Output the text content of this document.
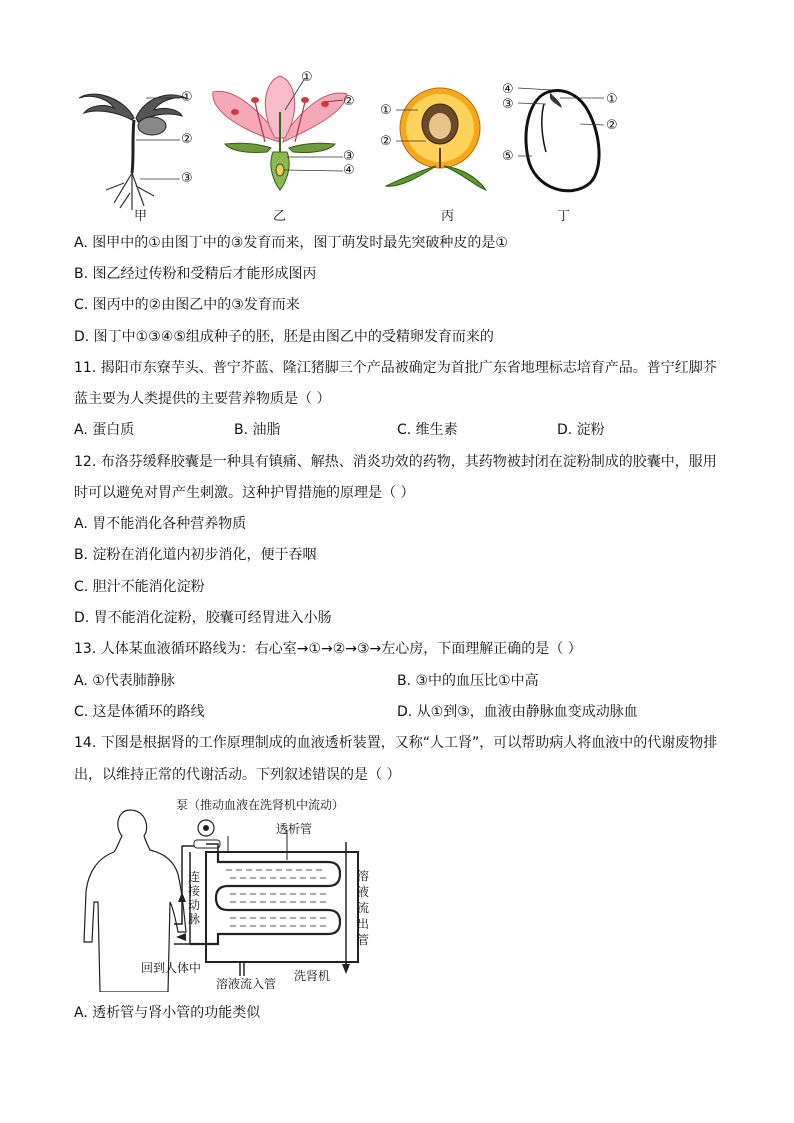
①
②
③
甲
①
②
③
④
乙
①
②
丙
④
③
⑤
①
②
丁
A. 图甲中的①由图丁中的③发育而来，图丁萌发时最先突破种皮的是①
B. 图乙经过传粉和受精后才能形成图丙
C. 图丙中的②由图乙中的③发育而来
D. 图丁中①③④⑤组成种子的胚，胚是由图乙中的受精卵发育而来的
11. 揭阳市东寮芋头、普宁芥蓝、隆江猪脚三个产品被确定为首批广东省地理标志培育产品。普宁红脚芥
蓝主要为人类提供的主要营养物质是（ ）
A. 蛋白质	B. 油脂	C. 维生素	D. 淀粉
12. 布洛芬缓释胶囊是一种具有镇痛、解热、消炎功效的药物，其药物被封闭在淀粉制成的胶囊中，服用
时可以避免对胃产生刺激。这种护胃措施的原理是（ ）
A. 胃不能消化各种营养物质
B. 淀粉在消化道内初步消化，便于吞咽
C. 胆汁不能消化淀粉
D. 胃不能消化淀粉，胶囊可经胃进入小肠
13. 人体某血液循环路线为：右心室→①→②→③→左心房，下面理解正确的是（ ）
A. ①代表肺静脉	B. ③中的血压比①中高
C. 这是体循环的路线	D. 从①到③，血液由静脉血变成动脉血
14. 下图是根据肾的工作原理制成的血液透析装置，又称“人工肾”，可以帮助病人将血液中的代谢废物排
出，以维持正常的代谢活动。下列叙述错误的是（ ）
泵（推动血液在洗肾机中流动）
透析管
连接动脉
溶液流出管
回到人体中
溶液流入管
洗肾机
A. 透析管与肾小管的功能类似
